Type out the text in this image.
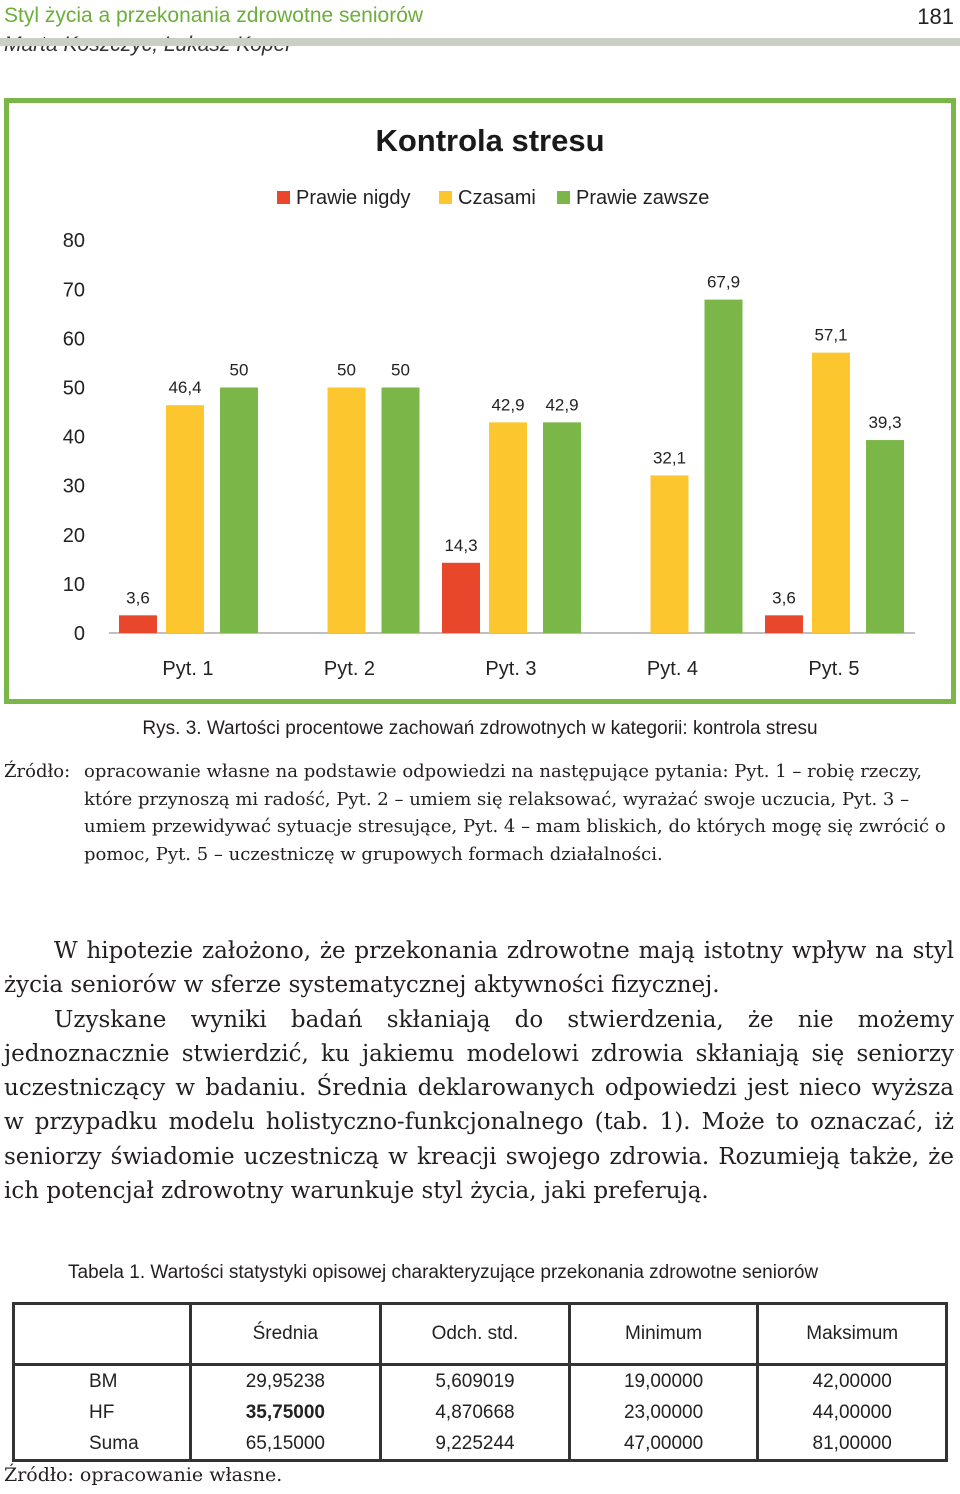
Styl życia a przekonania zdrowotne seniorów	181
Kontrola stresu
Prawie nigdy Czasami Prawie zawsze
0
10
20
30
40
50
60
70
80
3,6
46,4
50
Pyt. 1
50 50
Pyt. 2
14,3
42,9 42,9
Pyt. 3
32,1
67,9
Pyt. 4
3,6
57,1
39,3
Pyt. 5
Rys. 3. Wartości procentowe zachowań zdrowotnych w kategorii: kontrola stresu
Źródło: opracowanie własne na podstawie odpowiedzi na następujące pytania: Pyt. 1 – robię rzeczy, które przynoszą mi radość, Pyt. 2 – umiem się relaksować, wyrażać swoje uczucia, Pyt. 3 – umiem przewidywać sytuacje stresujące, Pyt. 4 – mam bliskich, do których mogę się zwrócić o pomoc, Pyt. 5 – uczestniczę w grupowych formach działalności.

W hipotezie założono, że przekonania zdrowotne mają istotny wpływ na styl życia seniorów w sferze systematycznej aktywności fizycznej.

Uzyskane wyniki badań skłaniają do stwierdzenia, że nie możemy jednoznacznie stwierdzić, ku jakiemu modelowi zdrowia skłaniają się seniorzy uczestniczący w badaniu. Średnia deklarowanych odpowiedzi jest nieco wyższa w przypadku modelu holistyczno-funkcjonalnego (tab. 1). Może to oznaczać, iż seniorzy świadomie uczestniczą w kreacji swojego zdrowia. Rozumieją także, że ich potencjał zdrowotny warunkuje styl życia, jaki preferują.

Tabela 1. Wartości statystyki opisowej charakteryzujące przekonania zdrowotne seniorów
	Średnia	Odch. std.	Minimum	Maksimum
BM	29,95238	5,609019	19,00000	42,00000
HF	35,75000	4,870668	23,00000	44,00000
Suma	65,15000	9,225244	47,00000	81,00000
Źródło: opracowanie własne.
